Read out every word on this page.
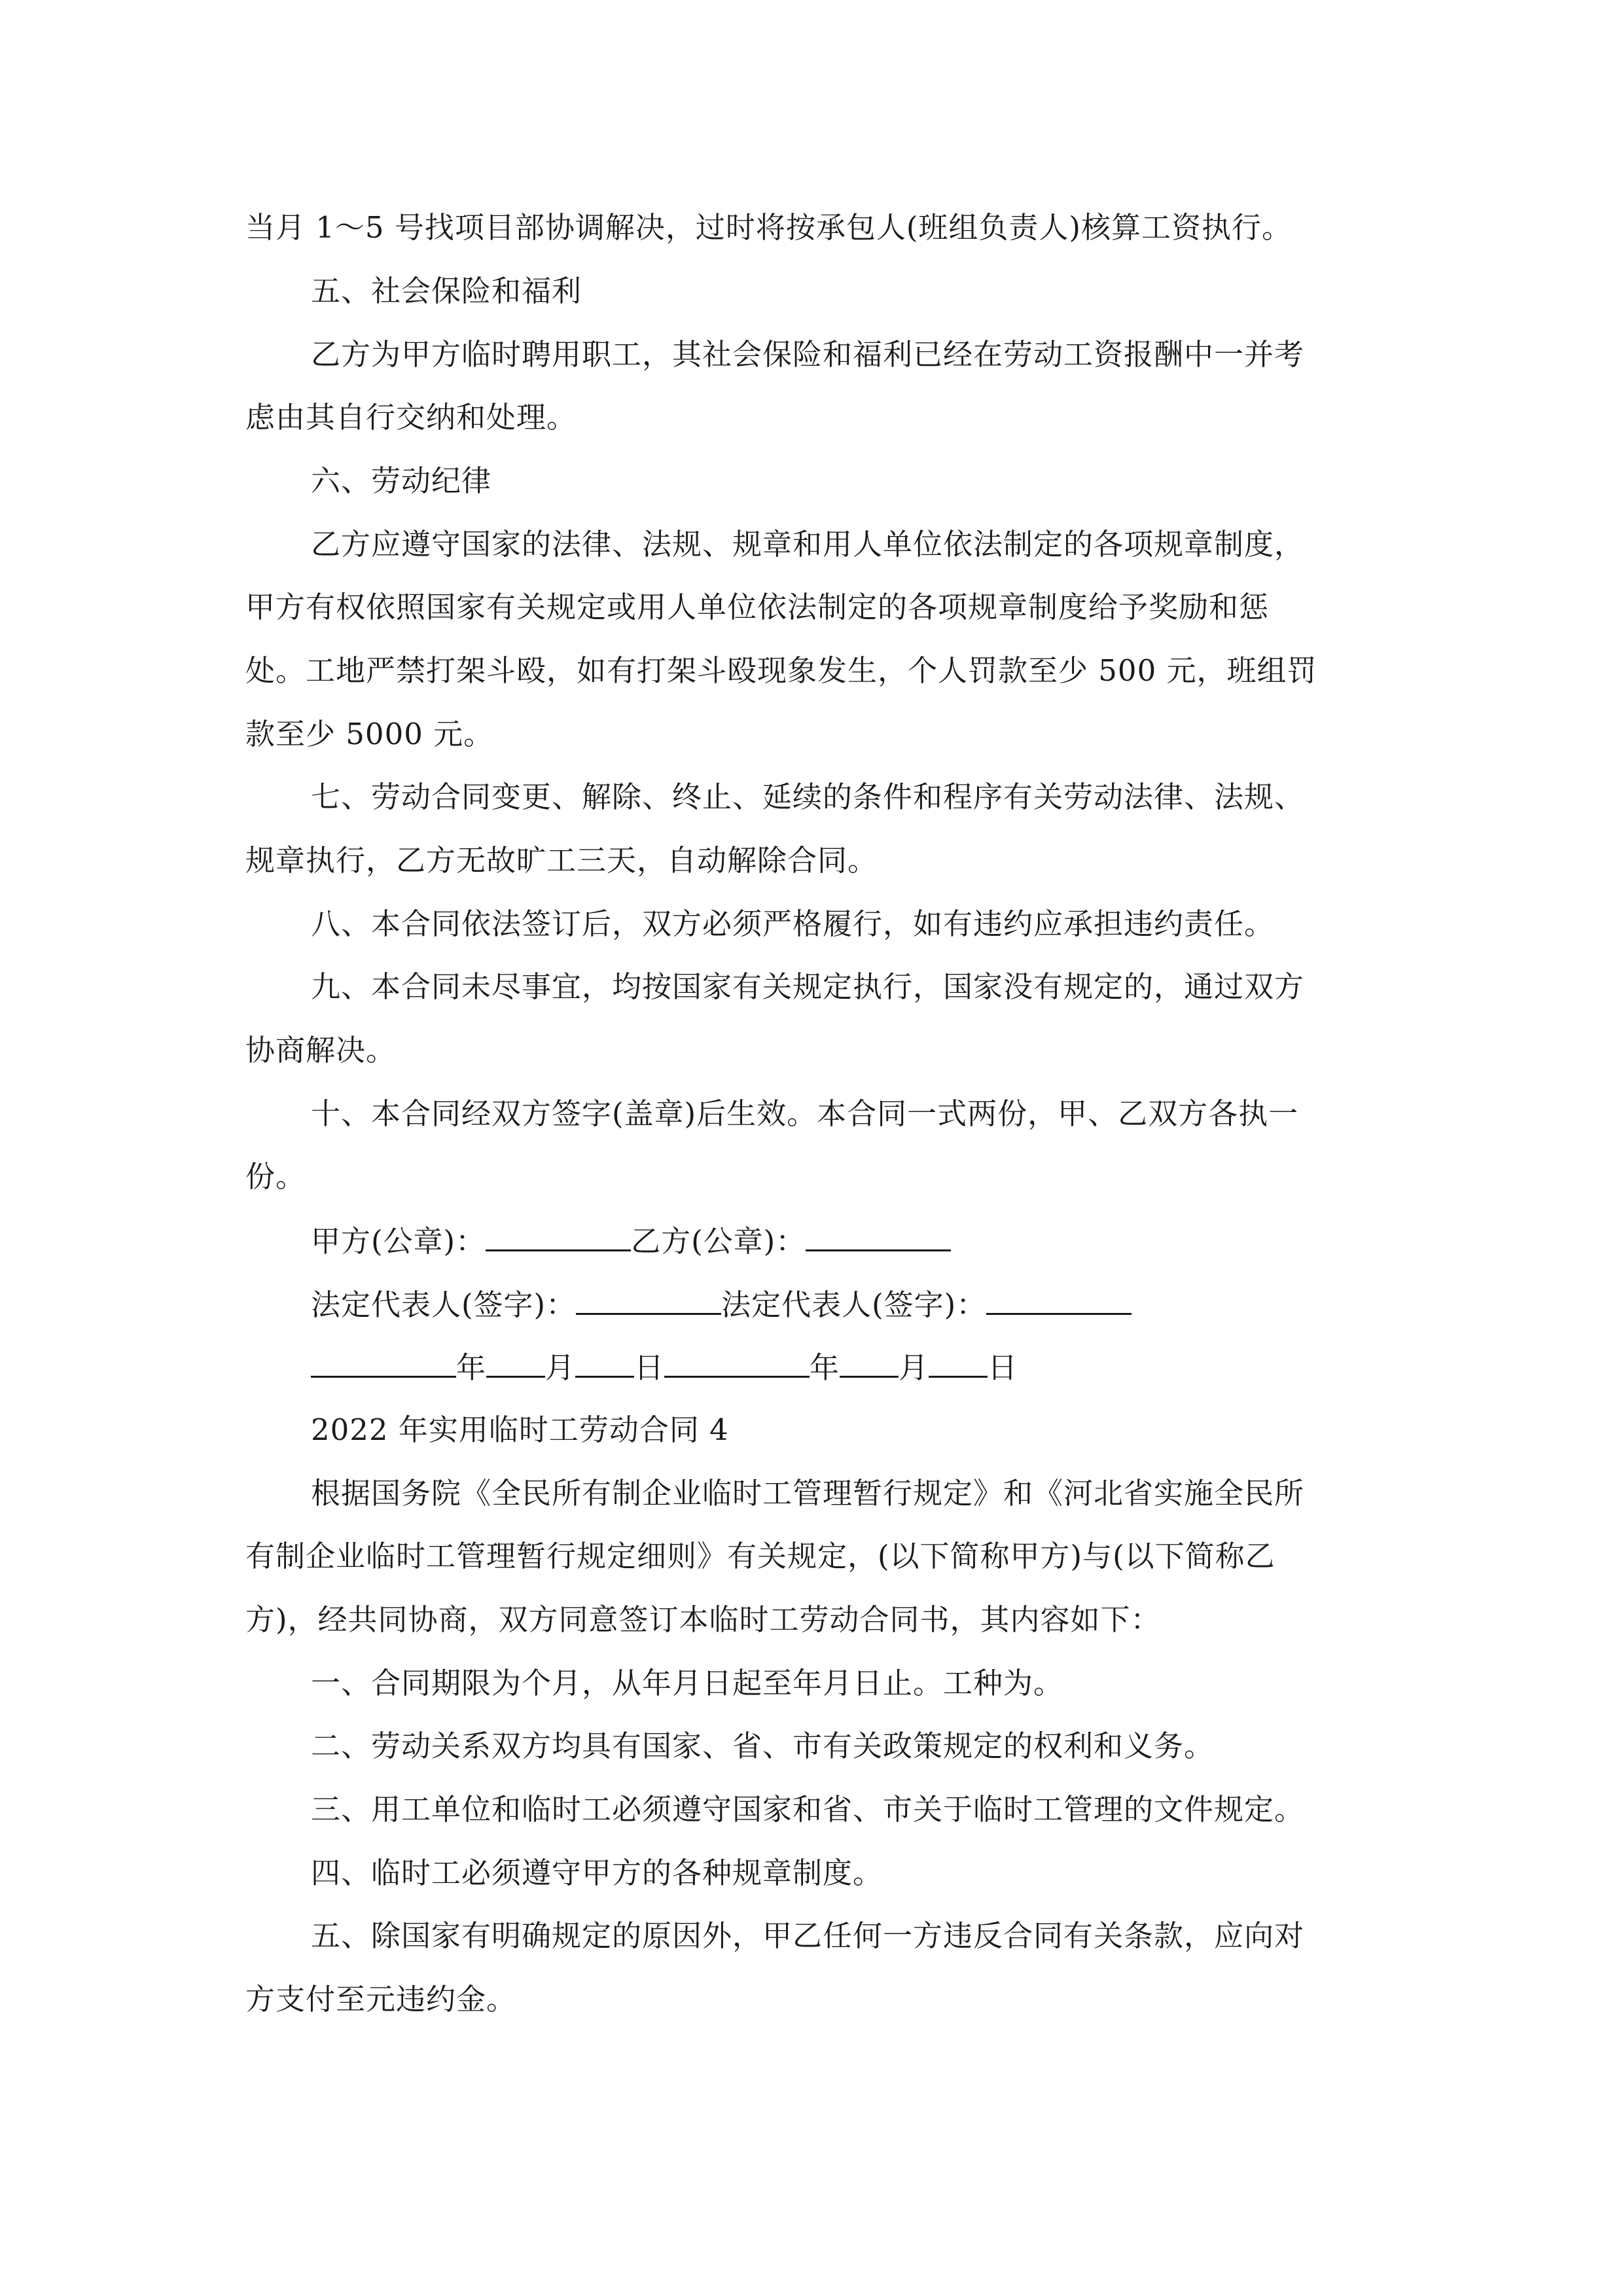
当月 1～5 号找项目部协调解决，过时将按承包人(班组负责人)核算工资执行。
五、社会保险和福利
乙方为甲方临时聘用职工，其社会保险和福利已经在劳动工资报酬中一并考
虑由其自行交纳和处理。
六、劳动纪律
乙方应遵守国家的法律、法规、规章和用人单位依法制定的各项规章制度，
甲方有权依照国家有关规定或用人单位依法制定的各项规章制度给予奖励和惩
处。工地严禁打架斗殴，如有打架斗殴现象发生，个人罚款至少 500 元，班组罚
款至少 5000 元。
七、劳动合同变更、解除、终止、延续的条件和程序有关劳动法律、法规、
规章执行，乙方无故旷工三天，自动解除合同。
八、本合同依法签订后，双方必须严格履行，如有违约应承担违约责任。
九、本合同未尽事宜，均按国家有关规定执行，国家没有规定的，通过双方
协商解决。
十、本合同经双方签字(盖章)后生效。本合同一式两份，甲、乙双方各执一
份。
甲方(公章)：	乙方(公章)：
法定代表人(签字)：	法定代表人(签字)：
年 月 日	年 月 日
2022 年实用临时工劳动合同 4
根据国务院《全民所有制企业临时工管理暂行规定》和《河北省实施全民所
有制企业临时工管理暂行规定细则》有关规定，(以下简称甲方)与(以下简称乙
方)，经共同协商，双方同意签订本临时工劳动合同书，其内容如下：
一、合同期限为个月，从年月日起至年月日止。工种为。
二、劳动关系双方均具有国家、省、市有关政策规定的权利和义务。
三、用工单位和临时工必须遵守国家和省、市关于临时工管理的文件规定。
四、临时工必须遵守甲方的各种规章制度。
五、除国家有明确规定的原因外，甲乙任何一方违反合同有关条款，应向对
方支付至元违约金。
